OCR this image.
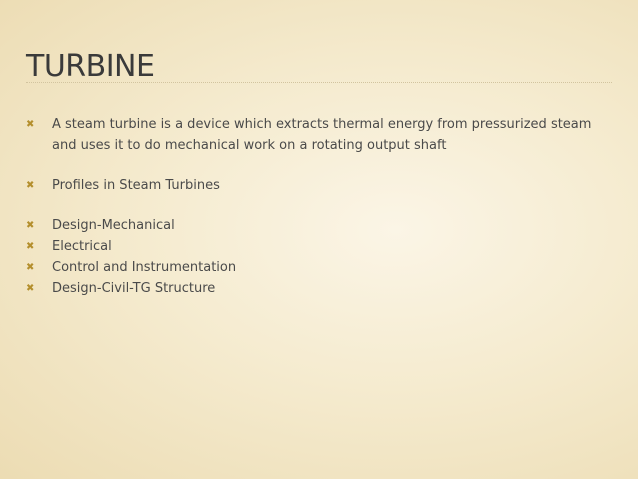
TURBINE
✖ A steam turbine is a device which extracts thermal energy from pressurized steam and uses it to do mechanical work on a rotating output shaft
✖ Profiles in Steam Turbines
✖ Design-Mechanical
✖ Electrical
✖ Control and Instrumentation
✖ Design-Civil-TG Structure
